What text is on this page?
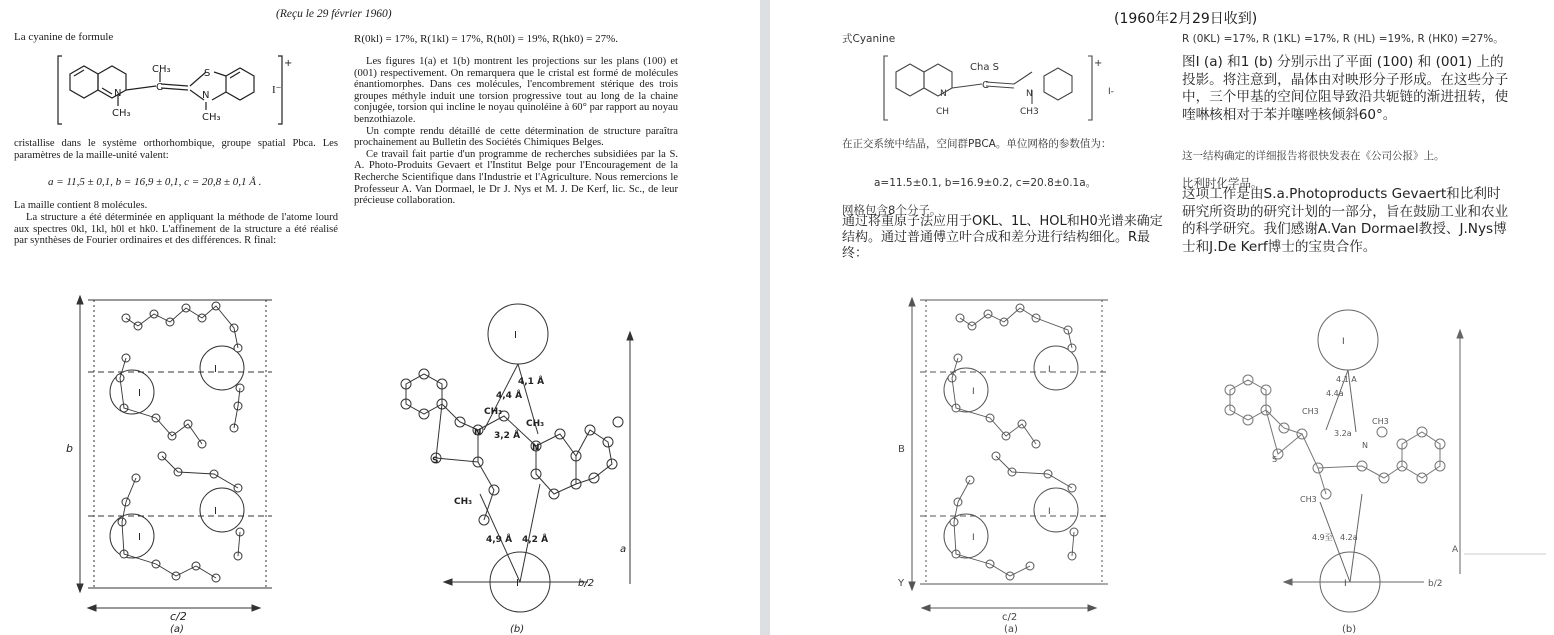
(Reçu le 29 février 1960)
La cyanine de formule
CH₃	S
N
C
N
CH₃	CH₃
+
I⁻
cristallise dans le système orthorhombique, groupe spatial Pbca. Les paramètres de la maille-unité valent:
a = 11,5 ± 0,1, b = 16,9 ± 0,1, c = 20,8 ± 0,1 Å .
La maille contient 8 molécules.

La structure a été déterminée en appliquant la méthode de l'atome lourd aux spectres 0kl, 1kl, h0l et hk0. L'affinement de la structure a été réalisé par synthèses de Fourier ordinaires et des différences. R final:

R(0kl) = 17%, R(1kl) = 17%, R(h0l) = 19%, R(hk0) = 27%.

Les figures 1(a) et 1(b) montrent les projections sur les plans (100) et (001) respectivement. On remarquera que le cristal est formé de molécules énantiomorphes. Dans ces molécules, l'encombrement stérique des trois groupes méthyle induit une torsion progressive tout au long de la chaine conjugée, torsion qui incline le noyau quinoléine à 60° par rapport au noyau benzothiazole.

Un compte rendu détaillé de cette détermination de structure paraîtra prochainement au Bulletin des Sociétés Chimiques Belges.

Ce travail fait partie d'un programme de recherches subsidiées par la S. A. Photo-Produits Gevaert et l'Institut Belge pour l'Encouragement de la Recherche Scientifique dans l'Industrie et l'Agriculture. Nous remercions le Professeur A. Van Dormael, le Dr J. Nys et M. J. De Kerf, lic. Sc., de leur précieuse collaboration.

b
c/2
I
I
I
I
(a)
I
I
4,1 Å
4,4 Å
3,2 Å
4,9 Å 4,2 Å
CH₃
CH₃
CH₃
N
N
S
b/2
a
(b)
(1960年2月29日收到)
式Cyanine
Cha S
N
CH
C
N
CH3
+
I-
在正交系统中结晶，空间群PBCA。单位网格的参数值为：
a=11.5±0.1, b=16.9±0.2, c=20.8±0.1a。
网格包含8个分子。
通过将重原子法应用于OKL、1L、HOL和H0光谱来确定结构。通过普通傅立叶合成和差分进行结构细化。R最终：
R (0KL) =17%, R (1KL) =17%, R (HL) =19%, R (HK0) =27%。
图I (a) 和1 (b) 分别示出了平面 (100) 和 (001) 上的投影。将注意到，晶体由对映形分子形成。在这些分子中，三个甲基的空间位阻导致沿共轭链的渐进扭转，使喹啉核相对于苯并噻唑核倾斜60°。
这一结构确定的详细报告将很快发表在《公司公报》上。
比利时化学品。
这项工作是由S.a.Photoproducts Gevaert和比利时研究所资助的研究计划的一部分，旨在鼓励工业和农业的科学研究。我们感谢A.Van Dormael教授、J.Nys博士和J.De Kerf博士的宝贵合作。
B
Y
c/2
I
I
I
I
(a)
I
I
4.1 A
4.4a
3.2a
4.9至 4.2a
CH3
CH3
CH3
N
S
b/2
A
(b)
